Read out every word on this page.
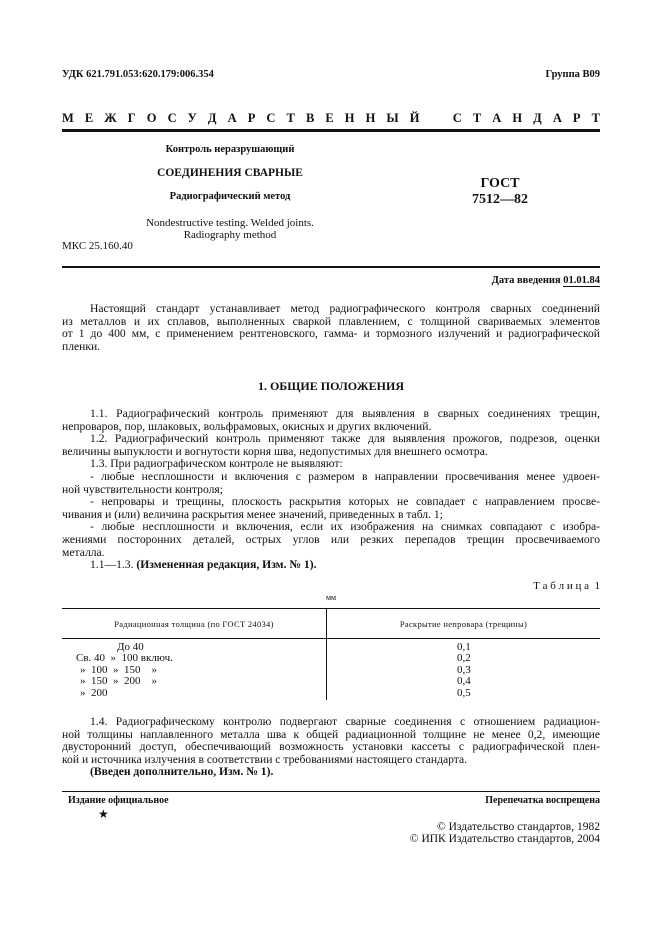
УДК 621.791.053:620.179:006.354	Группа В09
М Е Ж Г О С У Д А Р С Т В Е Н Н Ы Й   С Т А Н Д А Р Т
Контроль неразрушающий
СОЕДИНЕНИЯ СВАРНЫЕ
Радиографический метод
Nondestructive testing. Welded joints.
Radiography method
ГОСТ
7512—82
МКС 25.160.40
Дата введения 01.01.84
Настоящий стандарт устанавливает метод радиографического контроля сварных соединений
из металлов и их сплавов, выполненных сваркой плавлением, с толщиной свариваемых элементов
от 1 до 400 мм, с применением рентгеновского, гамма- и тормозного излучений и радиографической
пленки.
1. ОБЩИЕ ПОЛОЖЕНИЯ
1.1. Радиографический контроль применяют для выявления в сварных соединениях трещин,
непроваров, пор, шлаковых, вольфрамовых, окисных и других включений.
1.2. Радиографический контроль применяют также для выявления прожогов, подрезов, оценки
величины выпуклости и вогнутости корня шва, недопустимых для внешнего осмотра.
1.3. При радиографическом контроле не выявляют:
- любые несплошности и включения с размером в направлении просвечивания менее удвоен-
ной чувствительности контроля;
- непровары и трещины, плоскость раскрытия которых не совпадает с направлением просве-
чивания и (или) величина раскрытия менее значений, приведенных в табл. 1;
- любые несплошности и включения, если их изображения на снимках совпадают с изобра-
жениями посторонних деталей, острых углов или резких перепадов трещин просвечиваемого
металла.
1.1—1.3. (Измененная редакция, Изм. № 1).
Т а б л и ц а  1
мм
Радиационная толщина (по ГОСТ 24034)	Раскрытие непровара (трещины)
До 40	0,1
Св. 40  »  100 включ.	0,2
»  100  »  150    »	0,3
»  150  »  200    »	0,4
»  200	0,5
1.4. Радиографическому контролю подвергают сварные соединения с отношением радиацион-
ной толщины наплавленного металла шва к общей радиационной толщине не менее 0,2, имеющие
двусторонний доступ, обеспечивающий возможность установки кассеты с радиографической плен-
кой и источника излучения в соответствии с требованиями настоящего стандарта.
(Введен дополнительно, Изм. № 1).
Издание официальное	Перепечатка воспрещена
★
© Издательство стандартов, 1982
© ИПК Издательство стандартов, 2004
